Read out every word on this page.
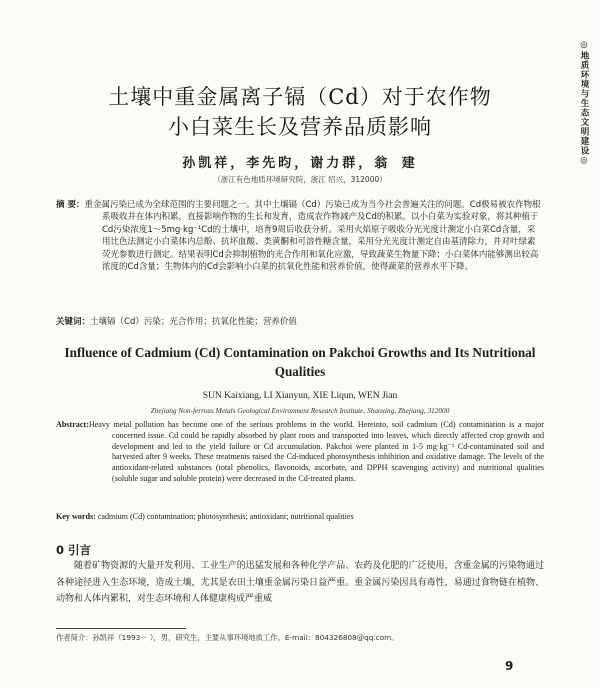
◎地质环境与生态文明建设◎
土壤中重金属离子镉（Cd）对于农作物
小白菜生长及营养品质影响
孙凯祥，李先昀，谢力群，翁 建
（浙江有色地质环境研究院，浙江 绍兴，312000）
摘 要：重金属污染已成为全球范围的主要问题之一。其中土壤镉（Cd）污染已成为当今社会普遍关注的问题。Cd极易被农作物根系吸收并在体内积累，直接影响作物的生长和发育，造成农作物减产及Cd的积累。以小白菜为实验对象，将其种植于Cd污染浓度1～5mg·kg⁻¹Cd的土壤中，培育9周后收获分析。采用火焰原子吸收分光光度计测定小白菜Cd含量，采用比色法测定小白菜体内总酚、抗坏血酸、类黄酮和可溶性糖含量，采用分光光度计测定自由基清除力，并对叶绿素荧光参数进行测定。结果表明Cd会抑制植物的光合作用和氧化应激，导致蔬菜生物量下降；小白菜体内能够测出较高浓度的Cd含量；生物体内的Cd会影响小白菜的抗氧化性能和营养价值，使得蔬菜的营养水平下降。
关键词：土壤镉（Cd）污染；光合作用；抗氧化性能；营养价值
Influence of Cadmium (Cd) Contamination on Pakchoi Growths and Its Nutritional Qualities
SUN Kaixiang, LI Xianyun, XIE Liqun, WEN Jian
Zhejiang Non-ferrous Metals Geological Environment Research Institute, Shaoxing, Zhejiang, 312000
Abstract:Heavy metal pollution has become one of the serious problems in the world. Hereinto, soil cadmium (Cd) contamination is a major concerned issue. Cd could be rapidly absorbed by plant roots and transported into leaves, which directly affected crop growth and development and led to the yield failure or Cd accumulation. Pakchoi were planted in 1-5 mg·kg⁻¹ Cd-contaminated soil and harvested after 9 weeks. These treatments raised the Cd-induced photosynthesis inhibition and oxidative damage. The levels of the antioxidant-related substances (total phenolics, flavonoids, ascorbate, and DPPH scavenging activity) and nutritional qualities (soluble sugar and soluble protein) were decreased in the Cd-treated plants.
Key words: cadmium (Cd) contamination; photosynthesis; antioxidant; nutritional qualities
0 引言
随着矿物资源的大量开发利用、工业生产的迅猛发展和各种化学产品、农药及化肥的广泛使用，含重金属的污染物通过各种途径进入生态环境，造成土壤，尤其是农田土壤重金属污染日益严重。重金属污染因具有毒性，易通过食物链在植物、动物和人体内累积，对生态环境和人体健康构成严重威
作者简介：孙凯祥（1993－ ），男，研究生，主要从事环境地质工作。E-mail：804326808@qq.com。
9
